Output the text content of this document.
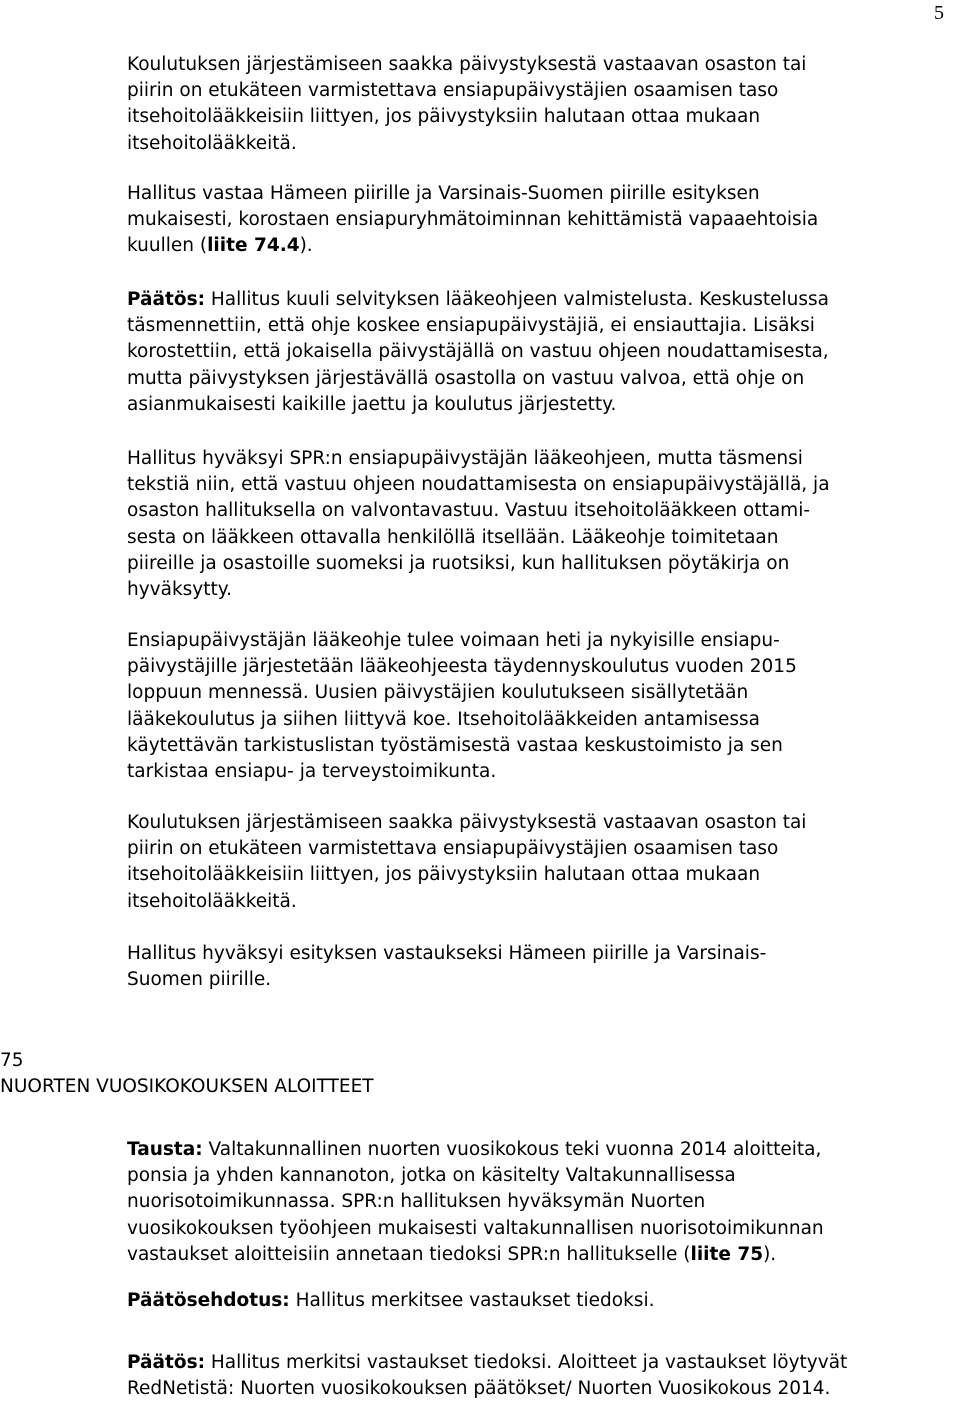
5
Koulutuksen järjestämiseen saakka päivystyksestä vastaavan osaston tai
piirin on etukäteen varmistettava ensiapupäivystäjien osaamisen taso
itsehoitolääkkeisiin liittyen, jos päivystyksiin halutaan ottaa mukaan
itsehoitolääkkeitä.
Hallitus vastaa Hämeen piirille ja Varsinais-Suomen piirille esityksen
mukaisesti, korostaen ensiapuryhmätoiminnan kehittämistä vapaaehtoisia
kuullen (liite 74.4).
Päätös: Hallitus kuuli selvityksen lääkeohjeen valmistelusta. Keskustelussa
täsmennettiin, että ohje koskee ensiapupäivystäjiä, ei ensiauttajia. Lisäksi
korostettiin, että jokaisella päivystäjällä on vastuu ohjeen noudattamisesta,
mutta päivystyksen järjestävällä osastolla on vastuu valvoa, että ohje on
asianmukaisesti kaikille jaettu ja koulutus järjestetty.
Hallitus hyväksyi SPR:n ensiapupäivystäjän lääkeohjeen, mutta täsmensi
tekstiä niin, että vastuu ohjeen noudattamisesta on ensiapupäivystäjällä, ja
osaston hallituksella on valvontavastuu. Vastuu itsehoitolääkkeen ottami-
sesta on lääkkeen ottavalla henkilöllä itsellään. Lääkeohje toimitetaan
piireille ja osastoille suomeksi ja ruotsiksi, kun hallituksen pöytäkirja on
hyväksytty.
Ensiapupäivystäjän lääkeohje tulee voimaan heti ja nykyisille ensiapu-
päivystäjille järjestetään lääkeohjeesta täydennyskoulutus vuoden 2015
loppuun mennessä. Uusien päivystäjien koulutukseen sisällytetään
lääkekoulutus ja siihen liittyvä koe. Itsehoitolääkkeiden antamisessa
käytettävän tarkistuslistan työstämisestä vastaa keskustoimisto ja sen
tarkistaa ensiapu- ja terveystoimikunta.
Koulutuksen järjestämiseen saakka päivystyksestä vastaavan osaston tai
piirin on etukäteen varmistettava ensiapupäivystäjien osaamisen taso
itsehoitolääkkeisiin liittyen, jos päivystyksiin halutaan ottaa mukaan
itsehoitolääkkeitä.
Hallitus hyväksyi esityksen vastaukseksi Hämeen piirille ja Varsinais-
Suomen piirille.
75
NUORTEN VUOSIKOKOUKSEN ALOITTEET
Tausta: Valtakunnallinen nuorten vuosikokous teki vuonna 2014 aloitteita,
ponsia ja yhden kannanoton, jotka on käsitelty Valtakunnallisessa
nuorisotoimikunnassa. SPR:n hallituksen hyväksymän Nuorten
vuosikokouksen työohjeen mukaisesti valtakunnallisen nuorisotoimikunnan
vastaukset aloitteisiin annetaan tiedoksi SPR:n hallitukselle (liite 75).
Päätösehdotus: Hallitus merkitsee vastaukset tiedoksi.
Päätös: Hallitus merkitsi vastaukset tiedoksi. Aloitteet ja vastaukset löytyvät
RedNetistä: Nuorten vuosikokouksen päätökset/ Nuorten Vuosikokous 2014.
